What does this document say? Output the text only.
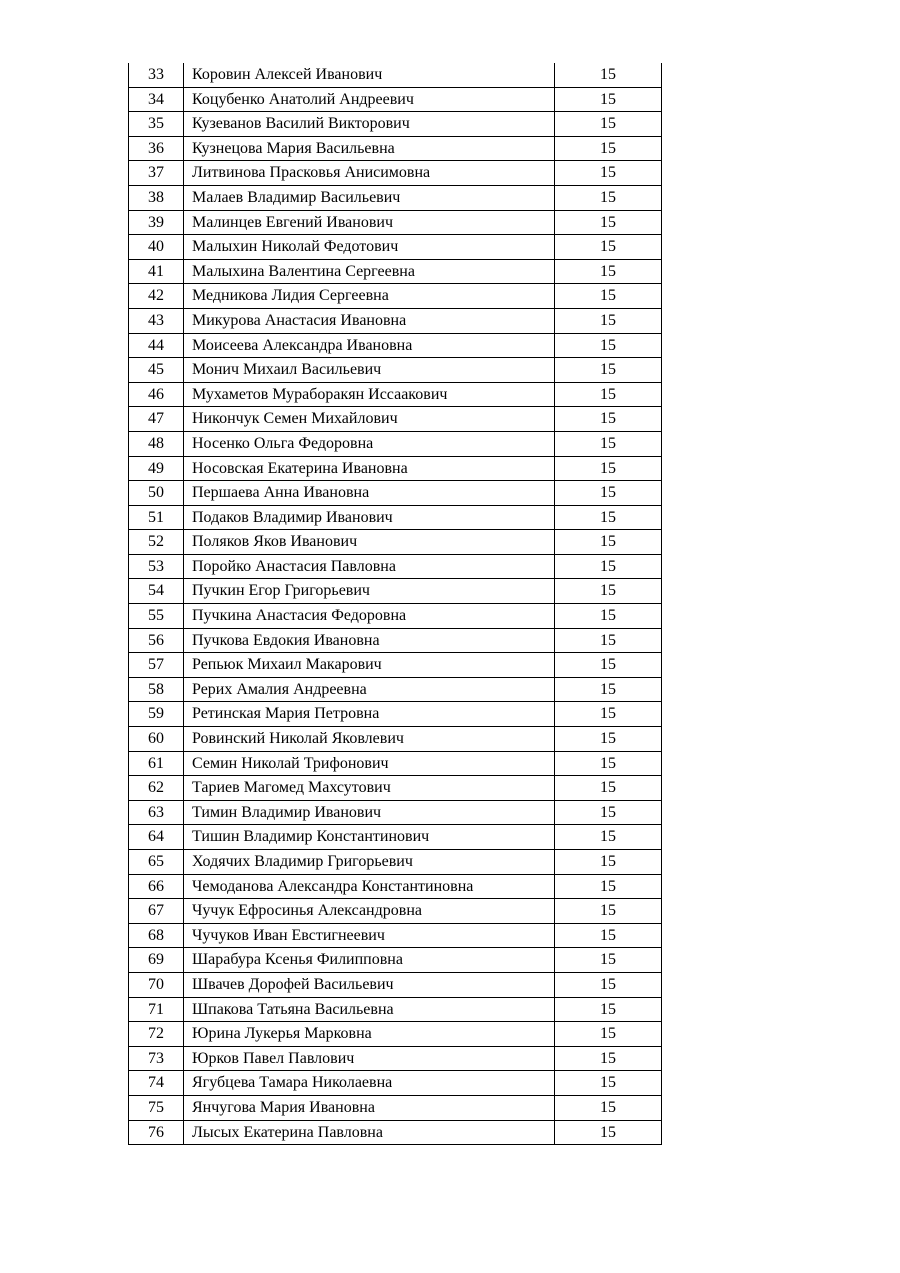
33	Коровин Алексей Иванович	15
34	Коцубенко Анатолий Андреевич	15
35	Кузеванов Василий Викторович	15
36	Кузнецова Мария Васильевна	15
37	Литвинова Прасковья Анисимовна	15
38	Малаев Владимир Васильевич	15
39	Малинцев Евгений Иванович	15
40	Малыхин Николай Федотович	15
41	Малыхина Валентина Сергеевна	15
42	Медникова Лидия Сергеевна	15
43	Микурова Анастасия Ивановна	15
44	Моисеева Александра Ивановна	15
45	Монич Михаил Васильевич	15
46	Мухаметов Мураборакян Иссаакович	15
47	Никончук Семен Михайлович	15
48	Носенко Ольга Федоровна	15
49	Носовская Екатерина Ивановна	15
50	Першаева Анна Ивановна	15
51	Подаков Владимир Иванович	15
52	Поляков Яков Иванович	15
53	Поройко Анастасия Павловна	15
54	Пучкин Егор Григорьевич	15
55	Пучкина Анастасия Федоровна	15
56	Пучкова Евдокия Ивановна	15
57	Репьюк Михаил Макарович	15
58	Рерих Амалия Андреевна	15
59	Ретинская Мария Петровна	15
60	Ровинский Николай Яковлевич	15
61	Семин Николай Трифонович	15
62	Тариев Магомед Махсутович	15
63	Тимин Владимир Иванович	15
64	Тишин Владимир Константинович	15
65	Ходячих Владимир Григорьевич	15
66	Чемоданова Александра Константиновна	15
67	Чучук Ефросинья Александровна	15
68	Чучуков Иван Евстигнеевич	15
69	Шарабура Ксенья Филипповна	15
70	Швачев Дорофей Васильевич	15
71	Шпакова Татьяна Васильевна	15
72	Юрина Лукерья Марковна	15
73	Юрков Павел Павлович	15
74	Ягубцева Тамара Николаевна	15
75	Янчугова Мария Ивановна	15
76	Лысых Екатерина Павловна	15
